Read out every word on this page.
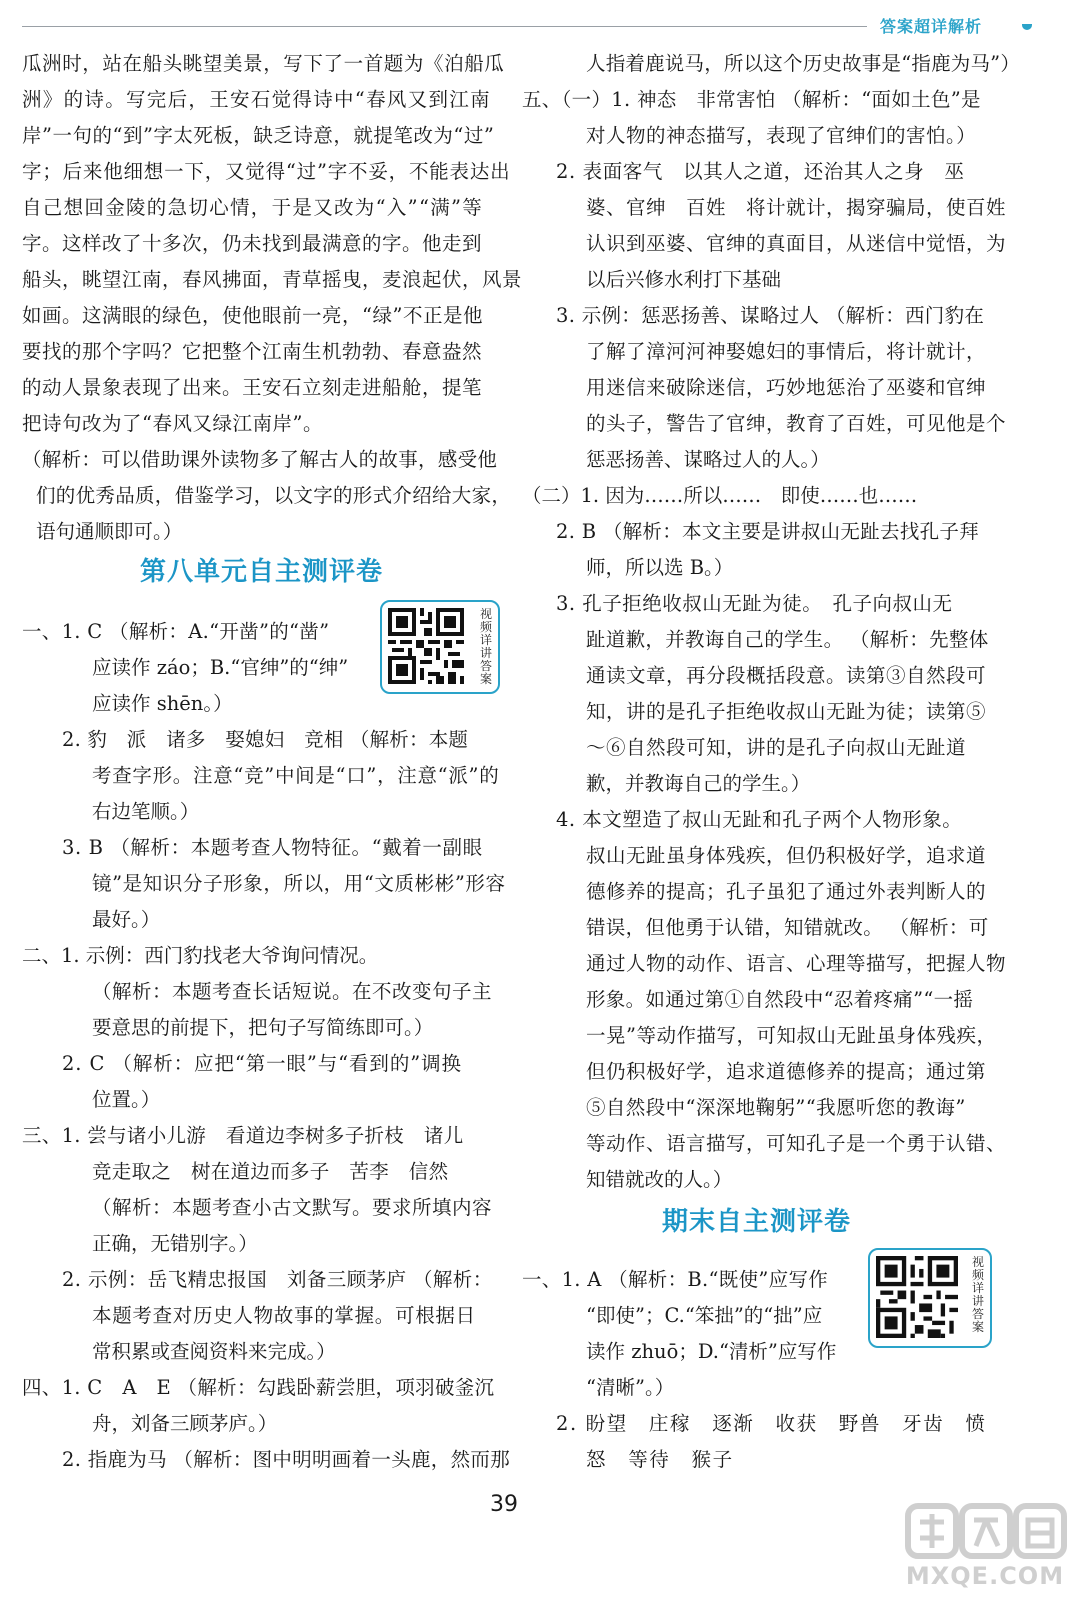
答案超详解析
瓜洲时，站在船头眺望美景，写下了一首题为《泊船瓜
洲》的诗。写完后，王安石觉得诗中“春风又到江南
岸”一句的“到”字太死板，缺乏诗意，就提笔改为“过”
字；后来他细想一下，又觉得“过”字不妥，不能表达出
自己想回金陵的急切心情，于是又改为“入”“满”等
字。这样改了十多次，仍未找到最满意的字。他走到
船头，眺望江南，春风拂面，青草摇曳，麦浪起伏，风景
如画。这满眼的绿色，使他眼前一亮，“绿”不正是他
要找的那个字吗？它把整个江南生机勃勃、春意盎然
的动人景象表现了出来。王安石立刻走进船舱，提笔
把诗句改为了“春风又绿江南岸”。
（解析：可以借助课外读物多了解古人的故事，感受他
们的优秀品质，借鉴学习，以文字的形式介绍给大家，
语句通顺即可。）
第八单元自主测评卷
一、1. C （解析：A.“开凿”的“凿”
应读作 záo；B.“官绅”的“绅”
应读作 shēn。）
视频详讲答案
2. 豹　派　诸多　娶媳妇　竞相 （解析：本题
考查字形。注意“竞”中间是“口”，注意“派”的
右边笔顺。）
3. B （解析：本题考查人物特征。“戴着一副眼
镜”是知识分子形象，所以，用“文质彬彬”形容
最好。）
二、1. 示例：西门豹找老大爷询问情况。
（解析：本题考查长话短说。在不改变句子主
要意思的前提下，把句子写简练即可。）
2. C （解析：应把“第一眼”与“看到的”调换
位置。）
三、1. 尝与诸小儿游　看道边李树多子折枝　诸儿
竞走取之　树在道边而多子　苦李　信然
（解析：本题考查小古文默写。要求所填内容
正确，无错别字。）
2. 示例：岳飞精忠报国　刘备三顾茅庐 （解析：
本题考查对历史人物故事的掌握。可根据日
常积累或查阅资料来完成。）
四、1. C　A　E （解析：勾践卧薪尝胆，项羽破釜沉
舟，刘备三顾茅庐。）
2. 指鹿为马 （解析：图中明明画着一头鹿，然而那
人指着鹿说马，所以这个历史故事是“指鹿为马”）
五、（一）1. 神态　非常害怕 （解析：“面如土色”是
对人物的神态描写，表现了官绅们的害怕。）
2. 表面客气　以其人之道，还治其人之身　巫
婆、官绅　百姓　将计就计，揭穿骗局，使百姓
认识到巫婆、官绅的真面目，从迷信中觉悟，为
以后兴修水利打下基础
3. 示例：惩恶扬善、谋略过人 （解析：西门豹在
了解了漳河河神娶媳妇的事情后，将计就计，
用迷信来破除迷信，巧妙地惩治了巫婆和官绅
的头子，警告了官绅，教育了百姓，可见他是个
惩恶扬善、谋略过人的人。）
（二）1. 因为……所以……　即使……也……
2. B （解析：本文主要是讲叔山无趾去找孔子拜
师，所以选 B。）
3. 孔子拒绝收叔山无趾为徒。　孔子向叔山无
趾道歉，并教诲自己的学生。 （解析：先整体
通读文章，再分段概括段意。读第③自然段可
知，讲的是孔子拒绝收叔山无趾为徒；读第⑤
～⑥自然段可知，讲的是孔子向叔山无趾道
歉，并教诲自己的学生。）
4. 本文塑造了叔山无趾和孔子两个人物形象。
叔山无趾虽身体残疾，但仍积极好学，追求道
德修养的提高；孔子虽犯了通过外表判断人的
错误，但他勇于认错，知错就改。 （解析：可
通过人物的动作、语言、心理等描写，把握人物
形象。如通过第①自然段中“忍着疼痛”“一摇
一晃”等动作描写，可知叔山无趾虽身体残疾，
但仍积极好学，追求道德修养的提高；通过第
⑤自然段中“深深地鞠躬”“我愿听您的教诲”
等动作、语言描写，可知孔子是一个勇于认错、
知错就改的人。）
期末自主测评卷
一、1. A （解析：B.“既使”应写作
“即使”；C.“笨拙”的“拙”应
读作 zhuō；D.“清析”应写作
“清晰”。）
视频详讲答案
2. 盼望　庄稼　逐渐　收获　野兽　牙齿　愤
怒　等待　猴子
39
MXQE.COM
